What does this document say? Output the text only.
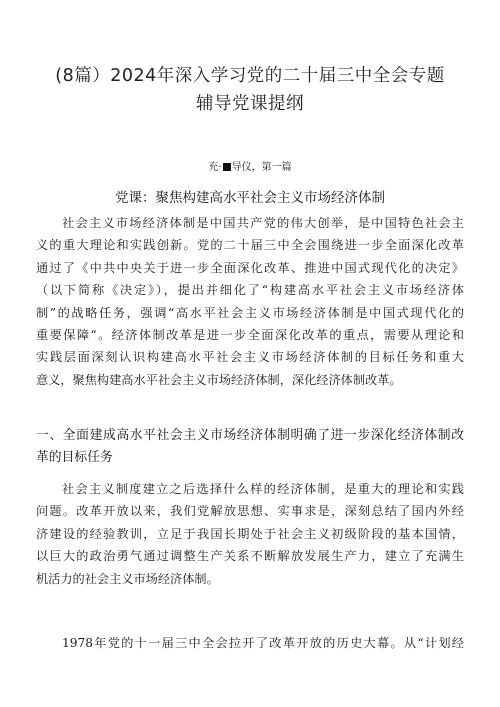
(8篇）2024年深入学习党的二十届三中全会专题
辅导党课提纲
充· 导仪，第一篇
党课：聚焦构建高水平社会主义市场经济体制
社会主义市场经济体制是中国共产党的伟大创举，是中国特色社会主
义的重大理论和实践创新。党的二十届三中全会围绕进一步全面深化改革
通过了《中共中央关于进一步全面深化改革、推进中国式现代化的决定》
（以下简称《决定》），提出并细化了“构建高水平社会主义市场经济体
制”的战略任务，强调“高水平社会主义市场经济体制是中国式现代化的
重要保障“。经济体制改革是进一步全面深化改革的重点，需要从理论和
实践层面深刻认识构建高水平社会主义市场经济体制的目标任务和重大
意义，聚焦构建高水平社会主义市场经济体制，深化经济体制改革。
一、全面建成高水平社会主义市场经济体制明确了进一步深化经济体制改
革的目标任务
社会主义制度建立之后选择什么样的经济体制，是重大的理论和实践
问题。改革开放以来，我们党解放思想、实事求是，深刻总结了国内外经
济建设的经验教训，立足于我国长期处于社会主义初级阶段的基本国情，
以巨大的政治勇气通过调整生产关系不断解放发展生产力，建立了充满生
机活力的社会主义市场经济体制。
1978年党的十一届三中全会拉开了改革开放的历史大幕。从“计划经
